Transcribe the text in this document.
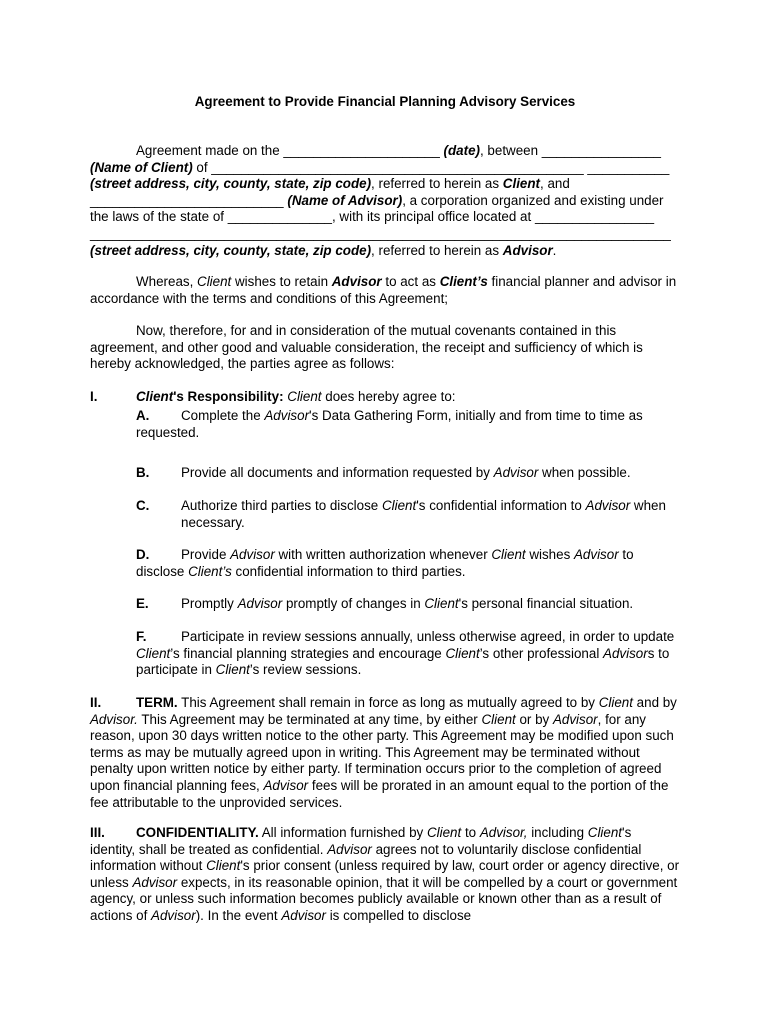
Agreement to Provide Financial Planning Advisory Services

Agreement made on the _____________________ (date), between ________________ (Name of Client) of __________________________________________________ ___________ (street address, city, county, state, zip code), referred to herein as Client, and __________________________ (Name of Advisor), a corporation organized and existing under the laws of the state of ______________, with its principal office located at ________________ ______________________________________________________________________________ (street address, city, county, state, zip code), referred to herein as Advisor.

Whereas, Client wishes to retain Advisor to act as Client’s financial planner and advisor in accordance with the terms and conditions of this Agreement;

Now, therefore, for and in consideration of the mutual covenants contained in this agreement, and other good and valuable consideration, the receipt and sufficiency of which is hereby acknowledged, the parties agree as follows:

I.	Client's Responsibility: Client does hereby agree to:

A. Complete the Advisor's Data Gathering Form, initially and from time to time as requested.

B. Provide all documents and information requested by Advisor when possible.

C.	Authorize third parties to disclose Client's confidential information to Advisor when necessary.

D. Provide Advisor with written authorization whenever Client wishes Advisor to disclose Client’s confidential information to third parties.

E. Promptly Advisor promptly of changes in Client's personal financial situation.

F.	Participate in review sessions annually, unless otherwise agreed, in order to update Client’s financial planning strategies and encourage Client’s other professional Advisors to participate in Client’s review sessions.

II.	TERM. This Agreement shall remain in force as long as mutually agreed to by Client and by Advisor. This Agreement may be terminated at any time, by either Client or by Advisor, for any reason, upon 30 days written notice to the other party. This Agreement may be modified upon such terms as may be mutually agreed upon in writing. This Agreement may be terminated without penalty upon written notice by either party. If termination occurs prior to the completion of agreed upon financial planning fees, Advisor fees will be prorated in an amount equal to the portion of the fee attributable to the unprovided services.

III. CONFIDENTIALITY. All information furnished by Client to Advisor, including Client's identity, shall be treated as confidential. Advisor agrees not to voluntarily disclose confidential information without Client's prior consent (unless required by law, court order or agency directive, or unless Advisor expects, in its reasonable opinion, that it will be compelled by a court or government agency, or unless such information becomes publicly available or known other than as a result of actions of Advisor). In the event Advisor is compelled to disclose
